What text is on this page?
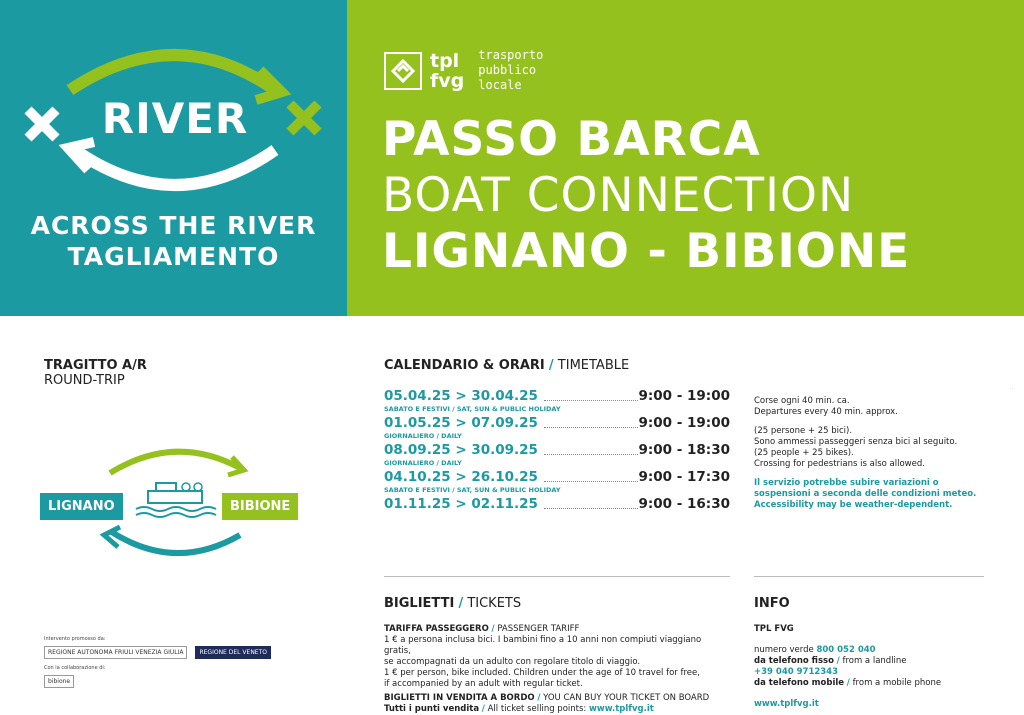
RIVER
ACROSS THE RIVER
TAGLIAMENTO
tpl
fvg
trasporto
pubblico
locale
PASSO BARCA
BOAT CONNECTION
LIGNANO - BIBIONE
TRAGITTO A/R
ROUND-TRIP
LIGNANO	BIBIONE
Intervento promosso da:
REGIONE AUTONOMA FRIULI VENEZIA GIULIA	REGIONE DEL VENETO
Con la collaborazione di:
bibione
CALENDARIO & ORARI / TIMETABLE
05.04.25 > 30.04.25	9:00 - 19:00
SABATO E FESTIVI / SAT, SUN & PUBLIC HOLIDAY
01.05.25 > 07.09.25	9:00 - 19:00
GIORNALIERO / DAILY
08.09.25 > 30.09.25	9:00 - 18:30
GIORNALIERO / DAILY
04.10.25 > 26.10.25	9:00 - 17:30
SABATO E FESTIVI / SAT, SUN & PUBLIC HOLIDAY
01.11.25 > 02.11.25	9:00 - 16:30

Corse ogni 40 min. ca.
Departures every 40 min. approx.

(25 persone + 25 bici).
Sono ammessi passeggeri senza bici al seguito.
(25 people + 25 bikes).
Crossing for pedestrians is also allowed.

Il servizio potrebbe subire variazioni o sospensioni a seconda delle condizioni meteo. Accessibility may be weather-dependent.

·
BIGLIETTI / TICKETS
TARIFFA PASSEGGERO / PASSENGER TARIFF
1 € a persona inclusa bici. I bambini fino a 10 anni non compiuti viaggiano gratis,
se accompagnati da un adulto con regolare titolo di viaggio.
1 € per person, bike included. Children under the age of 10 travel for free,
if accompanied by an adult with regular ticket.
BIGLIETTI IN VENDITA A BORDO / YOU CAN BUY YOUR TICKET ON BOARD
Tutti i punti vendita / All ticket selling points: www.tplfvg.it
INFO
TPL FVG
numero verde 800 052 040
da telefono fisso / from a landline
+39 040 9712343
da telefono mobile / from a mobile phone
www.tplfvg.it
